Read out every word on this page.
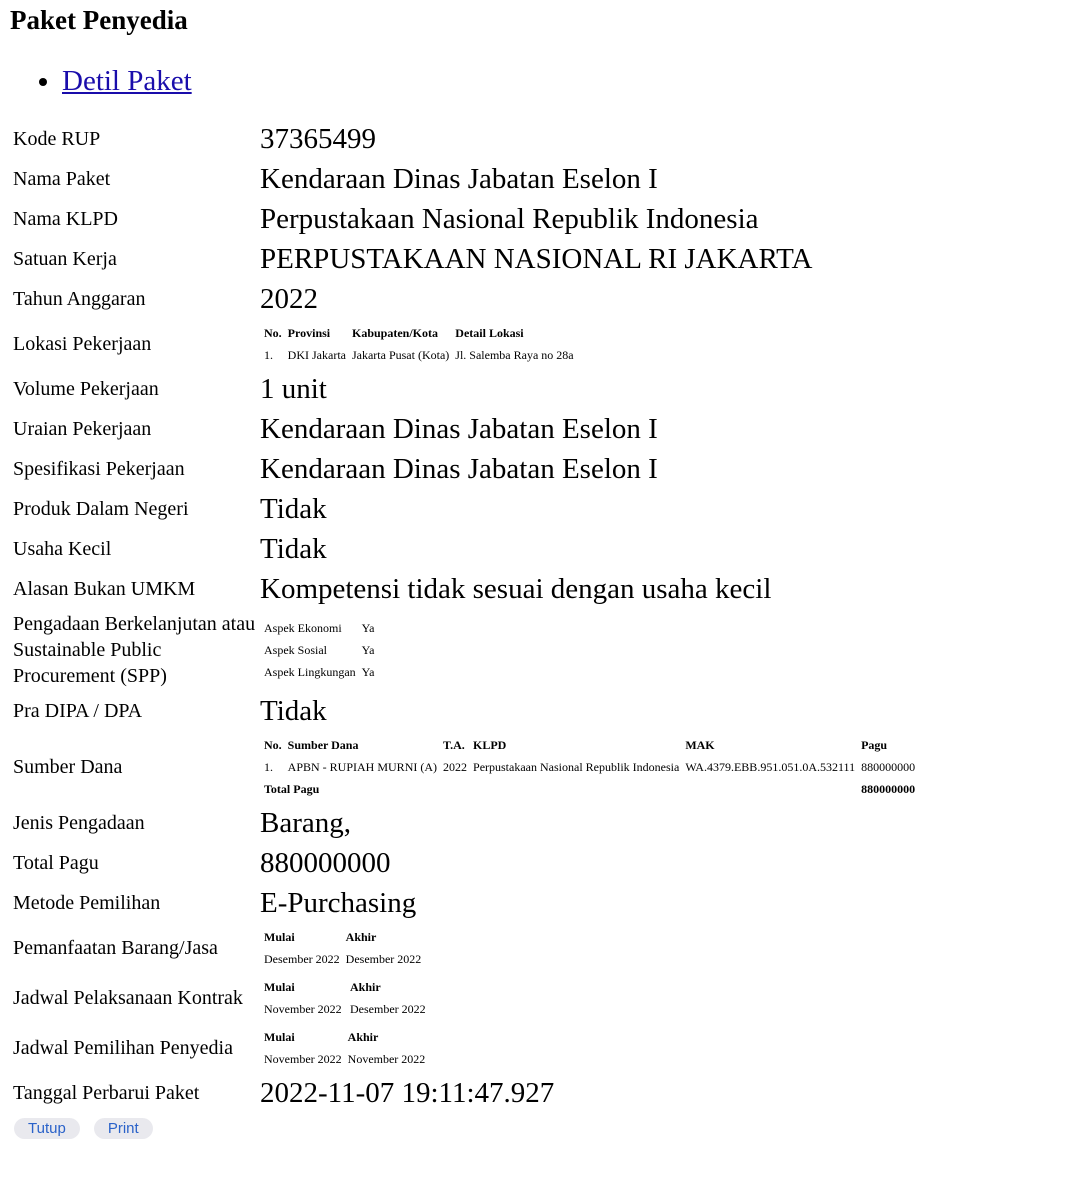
Paket Penyedia
• Detil Paket
Kode RUP	37365499
Nama Paket	Kendaraan Dinas Jabatan Eselon I
Nama KLPD	Perpustakaan Nasional Republik Indonesia
Satuan Kerja	PERPUSTAKAAN NASIONAL RI JAKARTA
Tahun Anggaran	2022
Lokasi Pekerjaan		No.	Provinsi	Kabupaten/Kota	Detail Lokasi
1.	DKI Jakarta	Jakarta Pusat (Kota)	Jl. Salemba Raya no 28a

Volume Pekerjaan	1 unit
Uraian Pekerjaan	Kendaraan Dinas Jabatan Eselon I
Spesifikasi Pekerjaan	Kendaraan Dinas Jabatan Eselon I
Produk Dalam Negeri	Tidak
Usaha Kecil	Tidak
Alasan Bukan UMKM	Kompetensi tidak sesuai dengan usaha kecil
Pengadaan Berkelanjutan atau Sustainable Public Procurement (SPP)	
Aspek Ekonomi	Ya
Aspek Sosial	Ya
Aspek Lingkungan	Ya

Pra DIPA / DPA	Tidak
Sumber Dana	
No.	Sumber Dana	T.A.	KLPD	MAK	Pagu
1.	APBN - RUPIAH MURNI (A)	2022	Perpustakaan Nasional Republik Indonesia	WA.4379.EBB.951.051.0A.532111	880000000
Total Pagu	880000000

Jenis Pengadaan	Barang,
Total Pagu	880000000
Metode Pemilihan	E-Purchasing
Pemanfaatan Barang/Jasa		Mulai	Akhir
Desember 2022	Desember 2022

Jadwal Pelaksanaan Kontrak	Mulai	Akhir
November 2022	Desember 2022

Jadwal Pemilihan Penyedia		Mulai	Akhir
November 2022	November 2022

Tanggal Perbarui Paket	2022-11-07 19:11:47.927
Tutup	Print
